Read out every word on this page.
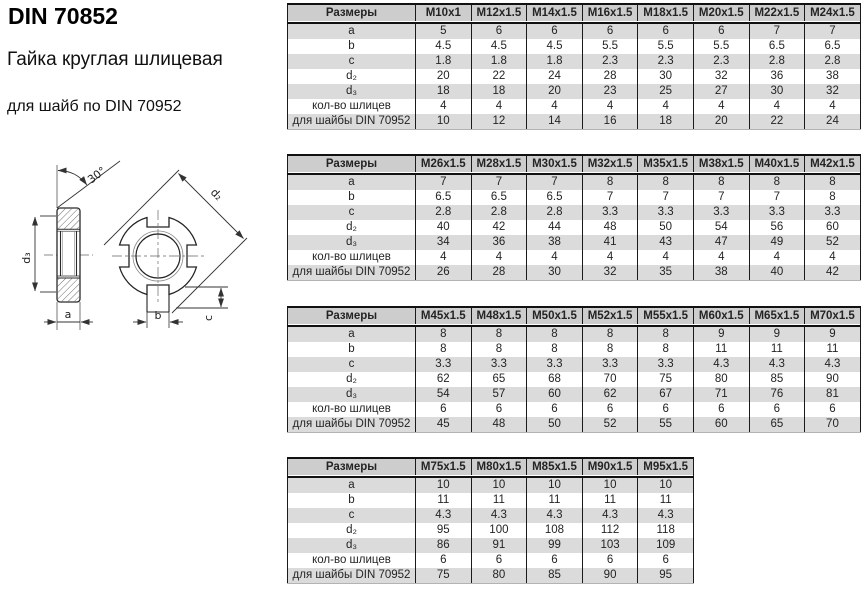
DIN 70852
Гайка круглая шлицевая
для шайб по DIN 70952
d₃
a
30°
d₂
b	c
Размеры	M10x1	M12x1.5	M14x1.5	M16x1.5	M18x1.5	M20x1.5	M22x1.5	M24x1.5

a	5	6	6	6	6	6	7	7
b	4.5	4.5	4.5	5.5	5.5	5.5	6.5	6.5
c	1.8	1.8	1.8	2.3	2.3	2.3	2.8	2.8
d₂	20	22	24	28	30	32	36	38
d₃	18	18	20	23	25	27	30	32
кол-во шлицев	4	4	4	4	4	4	4	4
для шайбы DIN 70952	10	12	14	16	18	20	22	24
Размеры	M26x1.5	M28x1.5	M30x1.5	M32x1.5	M35x1.5	M38x1.5	M40x1.5	M42x1.5

a	7	7	7	8	8	8	8	8
b	6.5	6.5	6.5	7	7	7	7	8
c	2.8	2.8	2.8	3.3	3.3	3.3	3.3	3.3
d₂	40	42	44	48	50	54	56	60
d₃	34	36	38	41	43	47	49	52
кол-во шлицев	4	4	4	4	4	4	4	4
для шайбы DIN 70952	26	28	30	32	35	38	40	42
Размеры	M45x1.5	M48x1.5	M50x1.5	M52x1.5	M55x1.5	M60x1.5	M65x1.5	M70x1.5

a	8	8	8	8	8	9	9	9
b	8	8	8	8	8	11	11	11
c	3.3	3.3	3.3	3.3	3.3	4.3	4.3	4.3
d₂	62	65	68	70	75	80	85	90
d₃	54	57	60	62	67	71	76	81
кол-во шлицев	6	6	6	6	6	6	6	6
для шайбы DIN 70952	45	48	50	52	55	60	65	70
Размеры	M75x1.5	M80x1.5	M85x1.5	M90x1.5	M95x1.5

a	10	10	10	10	10
b	11	11	11	11	11
c	4.3	4.3	4.3	4.3	4.3
d₂	95	100	108	112	118
d₃	86	91	99	103	109
кол-во шлицев	6	6	6	6	6
для шайбы DIN 70952	75	80	85	90	95
